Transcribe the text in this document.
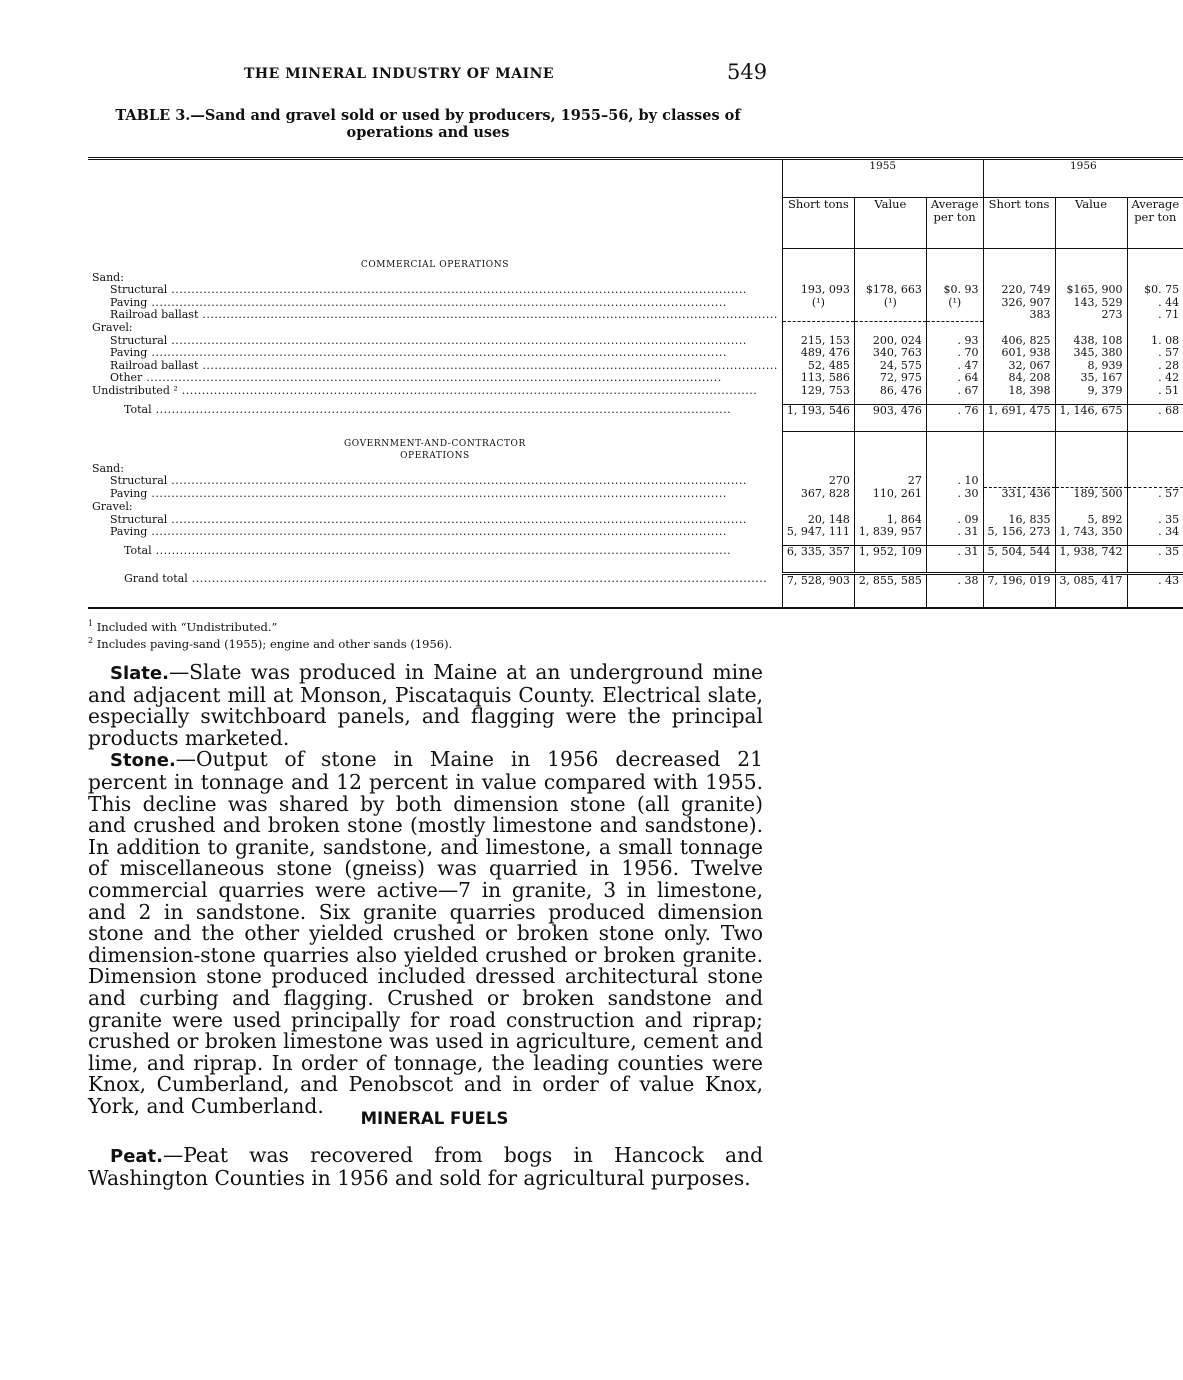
THE MINERAL INDUSTRY OF MAINE	549
TABLE 3.—Sand and gravel sold or used by producers, 1955–56, by classes of operations and uses
	1955			1956		
	Short tons	Value	Average per ton	Short tons	Value	Average per ton

COMMERCIAL OPERATIONS						
Sand:						
Structural .....	193, 093	$178, 663	$0. 93	220, 749	$165, 900	$0. 75
Paving .....	(¹)	(¹)	(¹)	326, 907	143, 529	. 44
Railroad ballast .....				383	273	. 71
Gravel:						
Structural .....	215, 153	200, 024	. 93	406, 825	438, 108	1. 08
Paving .....	489, 476	340, 763	. 70	601, 938	345, 380	. 57
Railroad ballast .....	52, 485	24, 575	. 47	32, 067	8, 939	. 28
Other .....	113, 586	72, 975	. 64	84, 208	35, 167	. 42
Undistributed ² .....	129, 753	86, 476	. 67	18, 398	9, 379	. 51

Total .....	1, 193, 546	903, 476	. 76	1, 691, 475	1, 146, 675	. 68

GOVERNMENT-AND-CONTRACTOR
OPERATIONS						
Sand:						
Structural .....	270	27	. 10			
Paving .....	367, 828	110, 261	. 30	331, 436	189, 500	. 57
Gravel:						
Structural .....	20, 148	1, 864	. 09	16, 835	5, 892	. 35
Paving .....	5, 947, 111	1, 839, 957	. 31	5, 156, 273	1, 743, 350	. 34

Total .....	6, 335, 357	1, 952, 109	. 31	5, 504, 544	1, 938, 742	. 35
Grand total .....	7, 528, 903	2, 855, 585	. 38	7, 196, 019	3, 085, 417	. 43

$^1$ Included with “Undistributed.”
$^2$ Includes paving-sand (1955); engine and other sands (1956).

Slate.—Slate was produced in Maine at an underground mine and adjacent mill at Monson, Piscataquis County. Electrical slate, especially switchboard panels, and flagging were the principal products marketed.

Stone.—Output of stone in Maine in 1956 decreased 21 percent in tonnage and 12 percent in value compared with 1955. This decline was shared by both dimension stone (all granite) and crushed and broken stone (mostly limestone and sandstone). In addition to granite, sandstone, and limestone, a small tonnage of miscellaneous stone (gneiss) was quarried in 1956. Twelve commercial quarries were active—7 in granite, 3 in limestone, and 2 in sandstone. Six granite quarries produced dimension stone and the other yielded crushed or broken stone only. Two dimension-stone quarries also yielded crushed or broken granite. Dimension stone produced included dressed architectural stone and curbing and flagging. Crushed or broken sandstone and granite were used principally for road construction and riprap; crushed or broken limestone was used in agriculture, cement and lime, and riprap. In order of tonnage, the leading counties were Knox, Cumberland, and Penobscot and in order of value Knox, York, and Cumberland.

MINERAL FUELS

Peat.—Peat was recovered from bogs in Hancock and Washington Counties in 1956 and sold for agricultural purposes.
